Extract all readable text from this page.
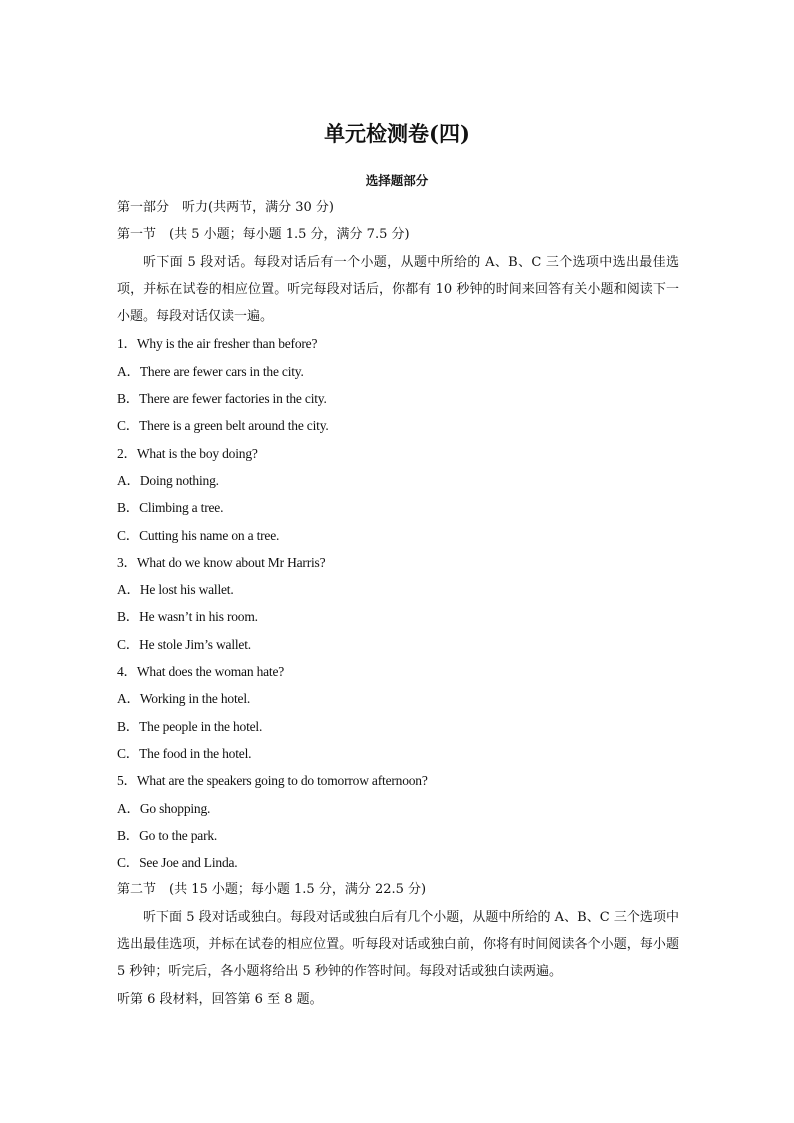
单元检测卷(四)
选择题部分
第一部分　听力(共两节，满分 30 分)
第一节　(共 5 小题；每小题 1.5 分，满分 7.5 分)
听下面 5 段对话。每段对话后有一个小题，从题中所给的 A、B、C 三个选项中选出最佳选项，并标在试卷的相应位置。听完每段对话后，你都有 10 秒钟的时间来回答有关小题和阅读下一小题。每段对话仅读一遍。
1．Why is the air fresher than before?
A．There are fewer cars in the city.
B．There are fewer factories in the city.
C．There is a green belt around the city.
2．What is the boy doing?
A．Doing nothing.
B．Climbing a tree.
C．Cutting his name on a tree.
3．What do we know about Mr Harris?
A．He lost his wallet.
B．He wasn’t in his room.
C．He stole Jim’s wallet.
4．What does the woman hate?
A．Working in the hotel.
B．The people in the hotel.
C．The food in the hotel.
5．What are the speakers going to do tomorrow afternoon?
A．Go shopping.
B．Go to the park.
C．See Joe and Linda.
第二节　(共 15 小题；每小题 1.5 分，满分 22.5 分)
听下面 5 段对话或独白。每段对话或独白后有几个小题，从题中所给的 A、B、C 三个选项中选出最佳选项，并标在试卷的相应位置。听每段对话或独白前，你将有时间阅读各个小题，每小题 5 秒钟；听完后，各小题将给出 5 秒钟的作答时间。每段对话或独白读两遍。
听第 6 段材料，回答第 6 至 8 题。
